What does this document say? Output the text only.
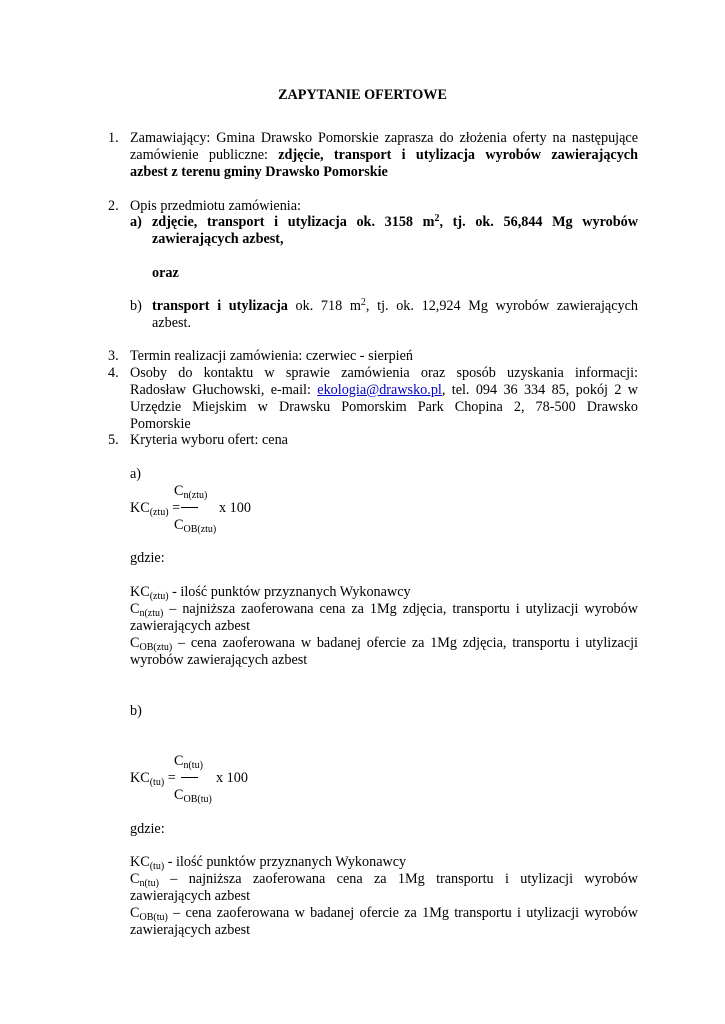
ZAPYTANIE OFERTOWE
1. Zamawiający: Gmina Drawsko Pomorskie zaprasza do złożenia oferty na następujące
zamówienie publiczne: zdjęcie, transport i utylizacja wyrobów zawierających
azbest z terenu gminy Drawsko Pomorskie
2. Opis przedmiotu zamówienia:
a) zdjęcie, transport i utylizacja ok. 3158 $m^2$, tj. ok. 56,844 Mg wyrobów
zawierających azbest,
oraz
b) transport i utylizacja ok. 718 $m^2$, tj. ok. 12,924 Mg wyrobów zawierających
azbest.
3. Termin realizacji zamówienia: czerwiec - sierpień
4. Osoby do kontaktu w sprawie zamówienia oraz sposób uzyskania informacji:
Radosław Głuchowski, e-mail: ekologia@drawsko.pl, tel. 094 36 334 85, pokój 2 w
Urzędzie Miejskim w Drawsku Pomorskim Park Chopina 2, 78-500 Drawsko
Pomorskie
5. Kryteria wyboru ofert: cena
a)
$C_{n(ztu)}$
$KC_{(ztu)}$ =	x 100
$C_{OB(ztu)}$
gdzie:
$KC_{(ztu)}$ - ilość punktów przyznanych Wykonawcy
$C_{n(ztu)}$ – najniższa zaoferowana cena za 1Mg zdjęcia, transportu i utylizacji wyrobów
zawierających azbest
$C_{OB(ztu)}$ – cena zaoferowana w badanej ofercie za 1Mg zdjęcia, transportu i utylizacji
wyrobów zawierających azbest
b)
$C_{n(tu)}$
$KC_{(tu)}$ =	x 100
$C_{OB(tu)}$
gdzie:
$KC_{(tu)}$ - ilość punktów przyznanych Wykonawcy
$C_{n(tu)}$ – najniższa zaoferowana cena za 1Mg transportu i utylizacji wyrobów
zawierających azbest
$C_{OB(tu)}$ – cena zaoferowana w badanej ofercie za 1Mg transportu i utylizacji wyrobów
zawierających azbest
